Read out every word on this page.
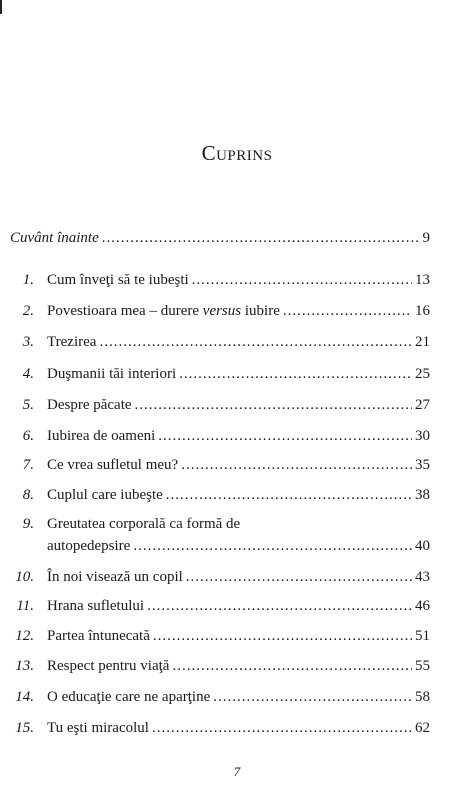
Cuprins
Cuvânt înainte .....	9
1. Cum înveţi să te iubeşti .....	13
2. Povestioara mea – durere versus iubire .....	16
3. Trezirea .....	21
4. Duşmanii tăi interiori .....	25
5. Despre păcate .....	27
6. Iubirea de oameni .....	30
7. Ce vrea sufletul meu? .....	35
8. Cuplul care iubeşte .....	38
9. Greutatea corporală ca formă de
autopedepsire .....	40
10. În noi visează un copil .....	43
11. Hrana sufletului .....	46
12. Partea întunecată .....	51
13. Respect pentru viaţă .....	55
14. O educaţie care ne aparţine .....	58
15. Tu eşti miracolul .....	62
7
